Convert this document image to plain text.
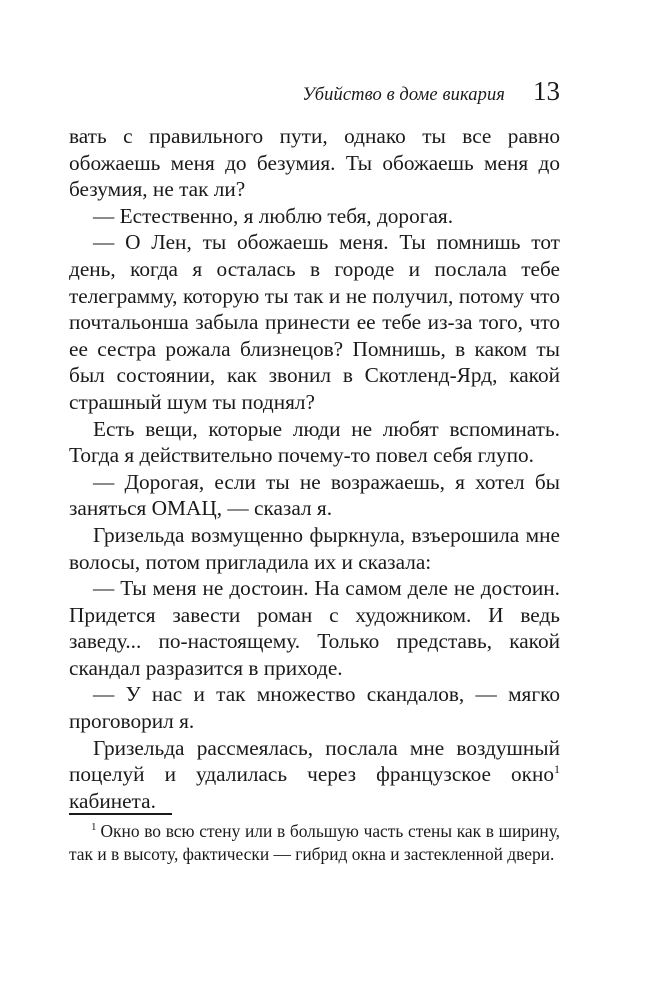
Убийство в доме викария 13

вать с правильного пути, однако ты все равно обожаешь меня до безумия. Ты обожаешь меня до безумия, не так ли?

— Естественно, я люблю тебя, дорогая.

— О Лен, ты обожаешь меня. Ты помнишь тот день, когда я осталась в городе и послала тебе телеграмму, которую ты так и не получил, потому что почтальонша забыла принести ее тебе из-за того, что ее сестра рожала близнецов? Помнишь, в каком ты был состоянии, как звонил в Скотленд-Ярд, какой страшный шум ты поднял?

Есть вещи, которые люди не любят вспоминать. Тогда я действительно почему-то повел себя глупо.

— Дорогая, если ты не возражаешь, я хотел бы заняться ОМАЦ, — сказал я.

Гризельда возмущенно фыркнула, взъерошила мне волосы, потом пригладила их и сказала:

— Ты меня не достоин. На самом деле не достоин. Придется завести роман с художником. И ведь заведу... по-настоящему. Только представь, какой скандал разразится в приходе.

— У нас и так множество скандалов, — мягко проговорил я.

Гризельда рассмеялась, послала мне воздушный поцелуй и удалилась через французское окно$^1$ кабинета.

$^1$ Окно во всю стену или в большую часть стены как в ширину, так и в высоту, фактически — гибрид окна и застекленной двери.
